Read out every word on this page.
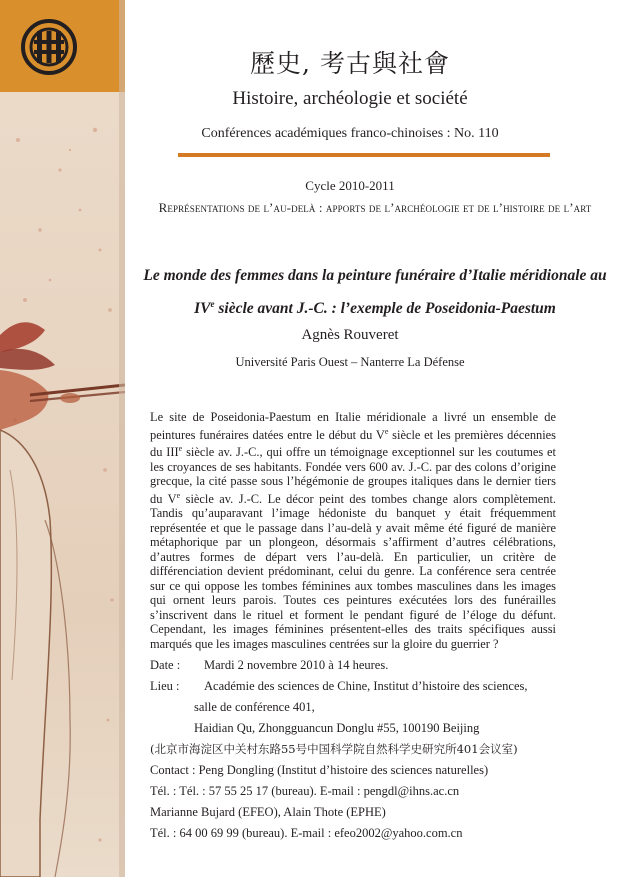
歷史, 考古與社會
Histoire, archéologie et société
Conférences académiques franco-chinoises : No. 110
Cycle 2010-2011
Représentations de l’au-delà : apports de l’archéologie et de l’histoire de l’art
Le monde des femmes dans la peinture funéraire d’Italie méridionale au
IVe siècle avant J.-C. : l’exemple de Poseidonia-Paestum
Agnès Rouveret
Université Paris Ouest – Nanterre La Défense
Le site de Poseidonia-Paestum en Italie méridionale a livré un ensemble de peintures funéraires datées entre le début du Ve siècle et les premières décennies du IIIe siècle av. J.-C., qui offre un témoignage exceptionnel sur les coutumes et les croyances de ses habitants. Fondée vers 600 av. J.-C. par des colons d’origine grecque, la cité passe sous l’hégémonie de groupes italiques dans le dernier tiers du Ve siècle av. J.-C. Le décor peint des tombes change alors complètement. Tandis qu’auparavant l’image hédoniste du banquet y était fréquemment représentée et que le passage dans l’au-delà y avait même été figuré de manière métaphorique par un plongeon, désormais s’affirment d’autres célébrations, d’autres formes de départ vers l’au-delà. En particulier, un critère de différenciation devient prédominant, celui du genre. La conférence sera centrée sur ce qui oppose les tombes féminines aux tombes masculines dans les images qui ornent leurs parois. Toutes ces peintures exécutées lors des funérailles s’inscrivent dans le rituel et forment le pendant figuré de l’éloge du défunt. Cependant, les images féminines présentent-elles des traits spécifiques aussi marqués que les images masculines centrées sur la gloire du guerrier ?
Date :	Mardi 2 novembre 2010 à 14 heures.
Lieu :	Académie des sciences de Chine, Institut d’histoire des sciences,
salle de conférence 401,
Haidian Qu, Zhongguancun Donglu #55, 100190 Beijing
(北京市海淀区中关村东路55号中国科学院自然科学史研究所401会议室)
Contact : Peng Dongling (Institut d’histoire des sciences naturelles)
Tél. : Tél. : 57 55 25 17 (bureau). E-mail : pengdl@ihns.ac.cn
Marianne Bujard (EFEO), Alain Thote (EPHE)
Tél. : 64 00 69 99 (bureau). E-mail : efeo2002@yahoo.com.cn
